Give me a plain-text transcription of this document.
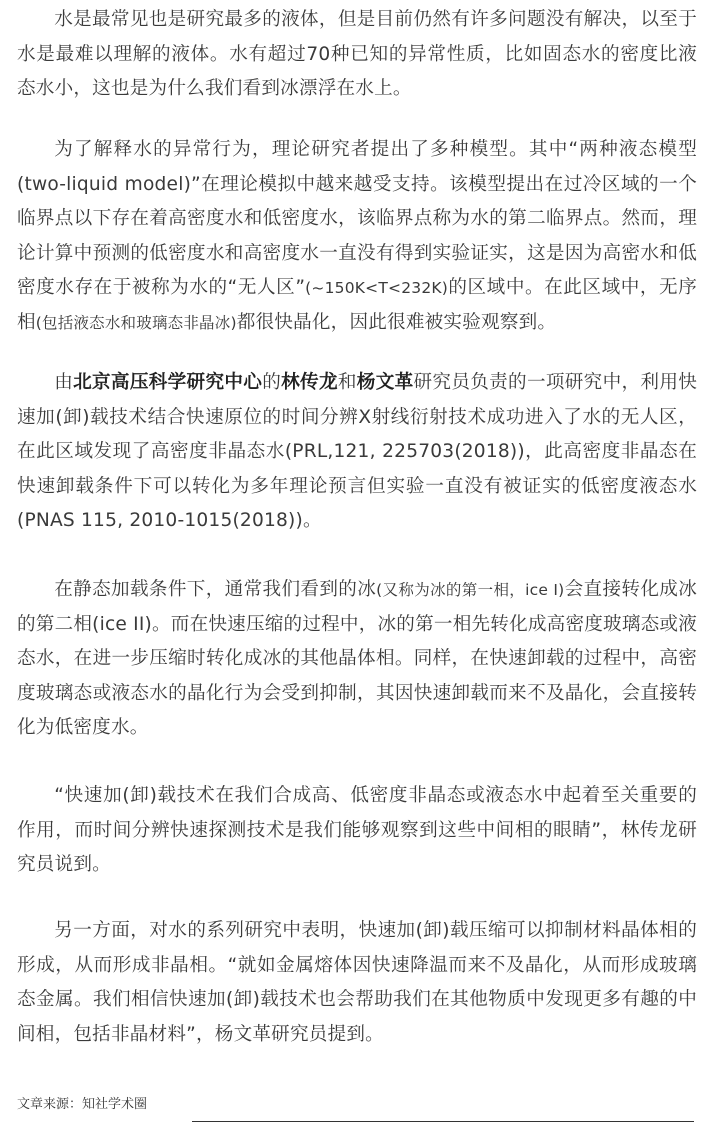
水是最常见也是研究最多的液体，但是目前仍然有许多问题没有解决，以至于水是最难以理解的液体。水有超过70种已知的异常性质，比如固态水的密度比液态水小，这也是为什么我们看到冰漂浮在水上。

为了解释水的异常行为，理论研究者提出了多种模型。其中“两种液态模型(two-liquid model)”在理论模拟中越来越受支持。该模型提出在过冷区域的一个临界点以下存在着高密度水和低密度水，该临界点称为水的第二临界点。然而，理论计算中预测的低密度水和高密度水一直没有得到实验证实，这是因为高密水和低密度水存在于被称为水的“无人区”(~150K<T<232K)的区域中。在此区域中，无序相(包括液态水和玻璃态非晶冰)都很快晶化，因此很难被实验观察到。

由北京高压科学研究中心的林传龙和杨文革研究员负责的一项研究中，利用快速加(卸)载技术结合快速原位的时间分辨X射线衍射技术成功进入了水的无人区，在此区域发现了高密度非晶态水(PRL,121, 225703(2018))，此高密度非晶态在快速卸载条件下可以转化为多年理论预言但实验一直没有被证实的低密度液态水(PNAS 115, 2010-1015(2018))。

在静态加载条件下，通常我们看到的冰(又称为冰的第一相，ice I)会直接转化成冰的第二相(ice II)。而在快速压缩的过程中，冰的第一相先转化成高密度玻璃态或液态水，在进一步压缩时转化成冰的其他晶体相。同样，在快速卸载的过程中，高密度玻璃态或液态水的晶化行为会受到抑制，其因快速卸载而来不及晶化，会直接转化为低密度水。

“快速加(卸)载技术在我们合成高、低密度非晶态或液态水中起着至关重要的作用，而时间分辨快速探测技术是我们能够观察到这些中间相的眼睛”，林传龙研究员说到。

另一方面，对水的系列研究中表明，快速加(卸)载压缩可以抑制材料晶体相的形成，从而形成非晶相。“就如金属熔体因快速降温而来不及晶化，从而形成玻璃态金属。我们相信快速加(卸)载技术也会帮助我们在其他物质中发现更多有趣的中间相，包括非晶材料”，杨文革研究员提到。

文章来源：知社学术圈
